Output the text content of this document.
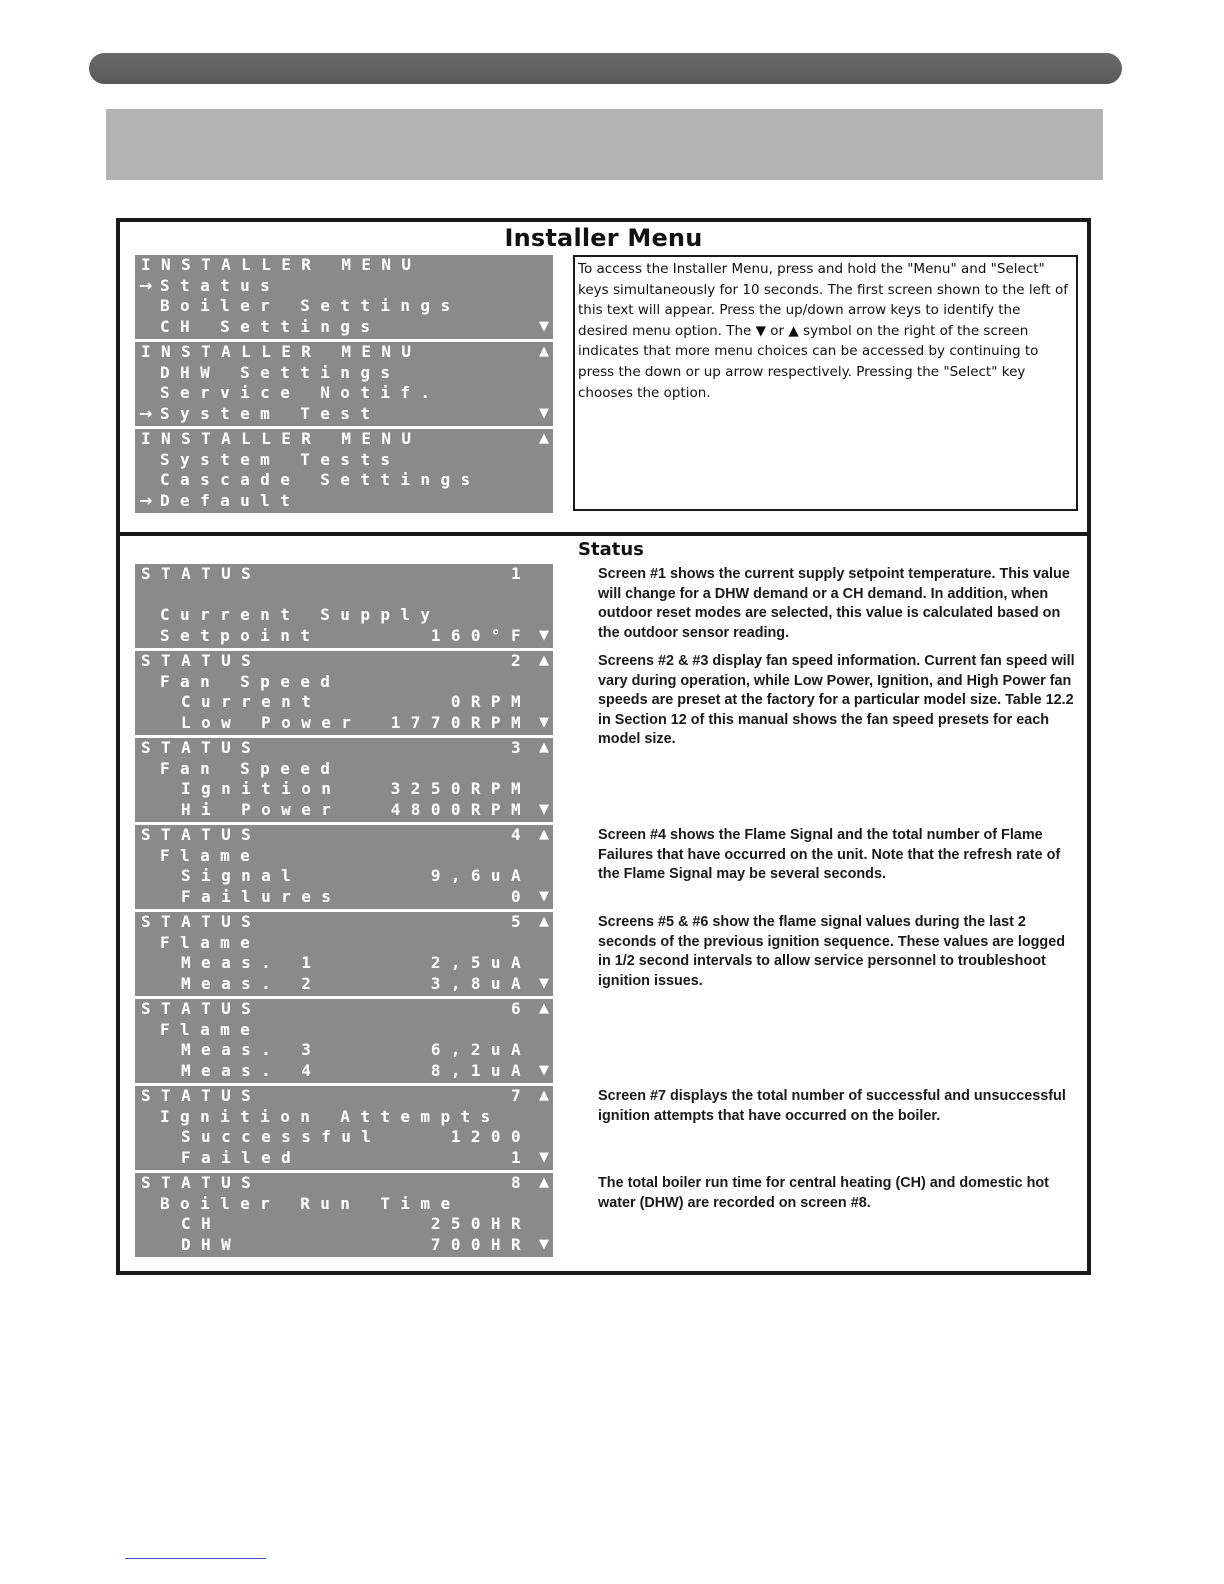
Installer Menu
INSTALLER MENU
→ Status
Boiler Settings
CH Settings	▼
INSTALLER MENU	▲
DHW Settings
Service Notif.
→ System Test	▼
INSTALLER MENU	▲
System Tests
Cascade Settings
→ Default
To access the Installer Menu, press and hold the "Menu" and "Select" keys simultaneously for 10 seconds. The first screen shown to the left of this text will appear. Press the up/down arrow keys to identify the desired menu option. The ▼ or ▲ symbol on the right of the screen indicates that more menu choices can be accessed by continuing to press the down or up arrow respectively. Pressing the "Select" key chooses the option.
Status
STATUS	1
Current Supply
Setpoint	160°F ▼
STATUS	2 ▲
Fan Speed
Current	0RPM
Low Power 1770RPM ▼
STATUS	3 ▲
Fan Speed
Ignition	3250RPM
Hi Power	4800RPM ▼
STATUS	4 ▲
Flame
Signal	9,6uA
Failures	0 ▼
STATUS	5 ▲
Flame
Meas. 1	2,5uA
Meas. 2	3,8uA ▼
STATUS	6 ▲
Flame
Meas. 3	6,2uA
Meas. 4	8,1uA ▼
STATUS	7 ▲
Ignition Attempts
Successful	1200
Failed	1 ▼
STATUS	8 ▲
Boiler Run Time
CH	250HR
DHW	700HR ▼
Screen #1 shows the current supply setpoint temperature. This value will change for a DHW demand or a CH demand. In addition, when outdoor reset modes are selected, this value is calculated based on the outdoor sensor reading.
Screens #2 & #3 display fan speed information. Current fan speed will vary during operation, while Low Power, Ignition, and High Power fan speeds are preset at the factory for a particular model size. Table 12.2 in Section 12 of this manual shows the fan speed presets for each model size.
Screen #4 shows the Flame Signal and the total number of Flame Failures that have occurred on the unit. Note that the refresh rate of the Flame Signal may be several seconds.
Screens #5 & #6 show the flame signal values during the last 2 seconds of the previous ignition sequence. These values are logged in 1/2 second intervals to allow service personnel to troubleshoot ignition issues.
Screen #7 displays the total number of successful and unsuccessful ignition attempts that have occurred on the boiler.
The total boiler run time for central heating (CH) and domestic hot water (DHW) are recorded on screen #8.
